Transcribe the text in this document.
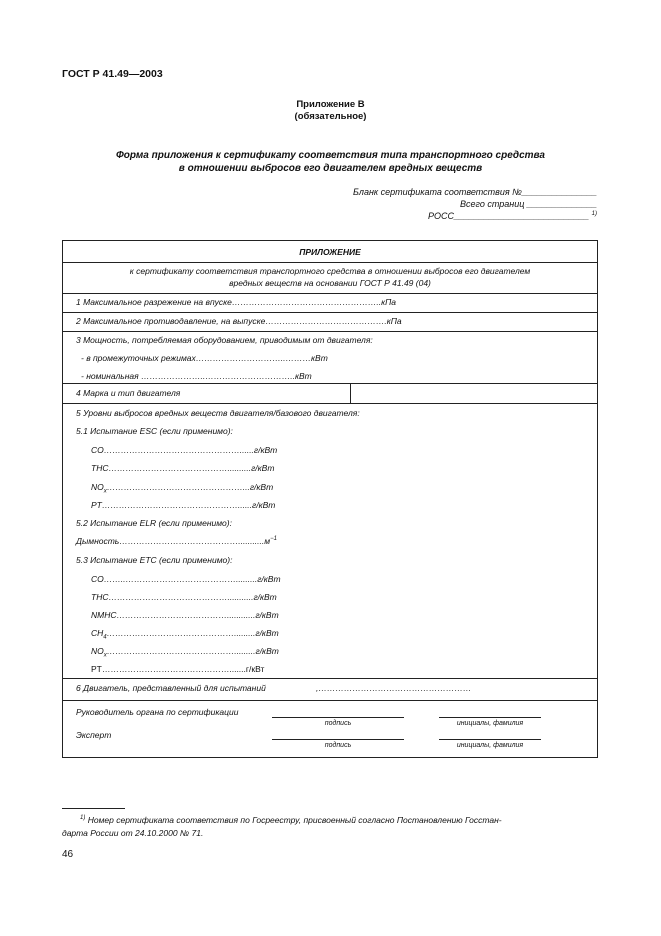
ГОСТ Р 41.49—2003
Приложение В
(обязательное)
Форма приложения к сертификату соответствия типа транспортного средства
в отношении выбросов его двигателем вредных веществ
Бланк сертификата соответствия №_______________
Всего страниц ______________
РОСС___________________________ $^{1)}$
ПРИЛОЖЕНИЕ
к сертификату соответствия транспортного средства в отношении выбросов его двигателем
вредных веществ на основании ГОСТ Р 41.49 (04)
1 Максимальное разрежение на впуске……………………………………………..кПа
2 Максимальное противодавление, на выпуске…………………………………….кПа
3 Мощность, потребляемая оборудованием, приводимым от двигателя:
- в промежуточных режимах…………………………..………кВт
- номинальная …………………..…………………………..кВт
4 Марка и тип двигателя
5 Уровни выбросов вредных веществ двигателя/базового двигателя:
5.1 Испытание ESC (если применимо):
CO…………………………………………......г/кВт
THC……………………………………..........г/кВт
$NO_x\dots\dots\dots\dots\dots\dots\dots\dots\dots\dots\dots\dots\dots\dots\dots\dots...г$/кВт
PT…………………………………………......г/кВт
5.2 Испытание ELR (если применимо):
$Дымность\dots\dots\dots\dots\dots\dots\dots\dots\dots\dots\dots\dots\dots\dots...........м^{-1}$
5.3 Испытание ETC (если применимо):
CO……..………………………………….........г/кВт
THC……………………………………...........г/кВт
NMHC…………………………………............г/кВт
$CH_4\dots\dots\dots\dots\dots\dots\dots\dots\dots\dots\dots\dots\dots\dots\dots.........г$/кВт
$NO_x\dots\dots\dots\dots\dots\dots\dots\dots\dots\dots\dots\dots\dots\dots\dots.........г$/кВт
PT……………………………………….......г/кВт
6 Двигатель, представленный для испытаний	,………………………………………………
Руководитель органа по сертификации
подпись	инициалы, фамилия
Эксперт
подпись	инициалы, фамилия
$^{1)}$ Номер сертификата соответствия по Госреестру, присвоенный согласно Постановлению Госстан-
дарта России от 24.10.2000 № 71.
46
